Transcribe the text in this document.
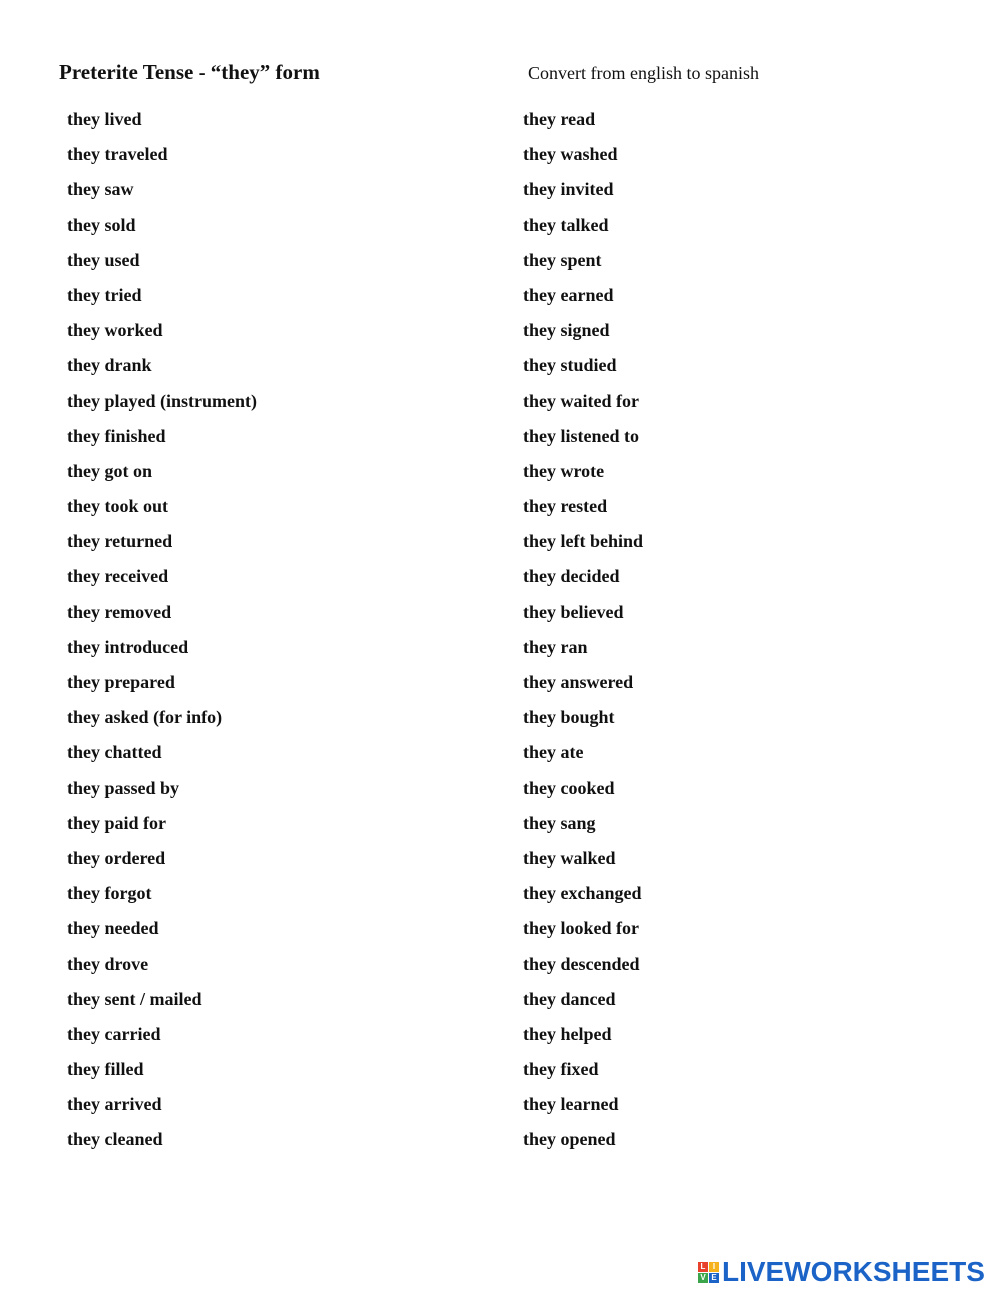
Preterite Tense - “they” form	Convert from english to spanish
they lived
they traveled
they saw
they sold
they used
they tried
they worked
they drank
they played (instrument)
they finished
they got on
they took out
they returned
they received
they removed
they introduced
they prepared
they asked (for info)
they chatted
they passed by
they paid for
they ordered
they forgot
they needed
they drove
they sent / mailed
they carried
they filled
they arrived
they cleaned
they read
they washed
they invited
they talked
they spent
they earned
they signed
they studied
they waited for
they listened to
they wrote
they rested
they left behind
they decided
they believed
they ran
they answered
they bought
they ate
they cooked
they sang
they walked
they exchanged
they looked for
they descended
they danced
they helped
they fixed
they learned
they opened
L I
V E LIVEWORKSHEETS
